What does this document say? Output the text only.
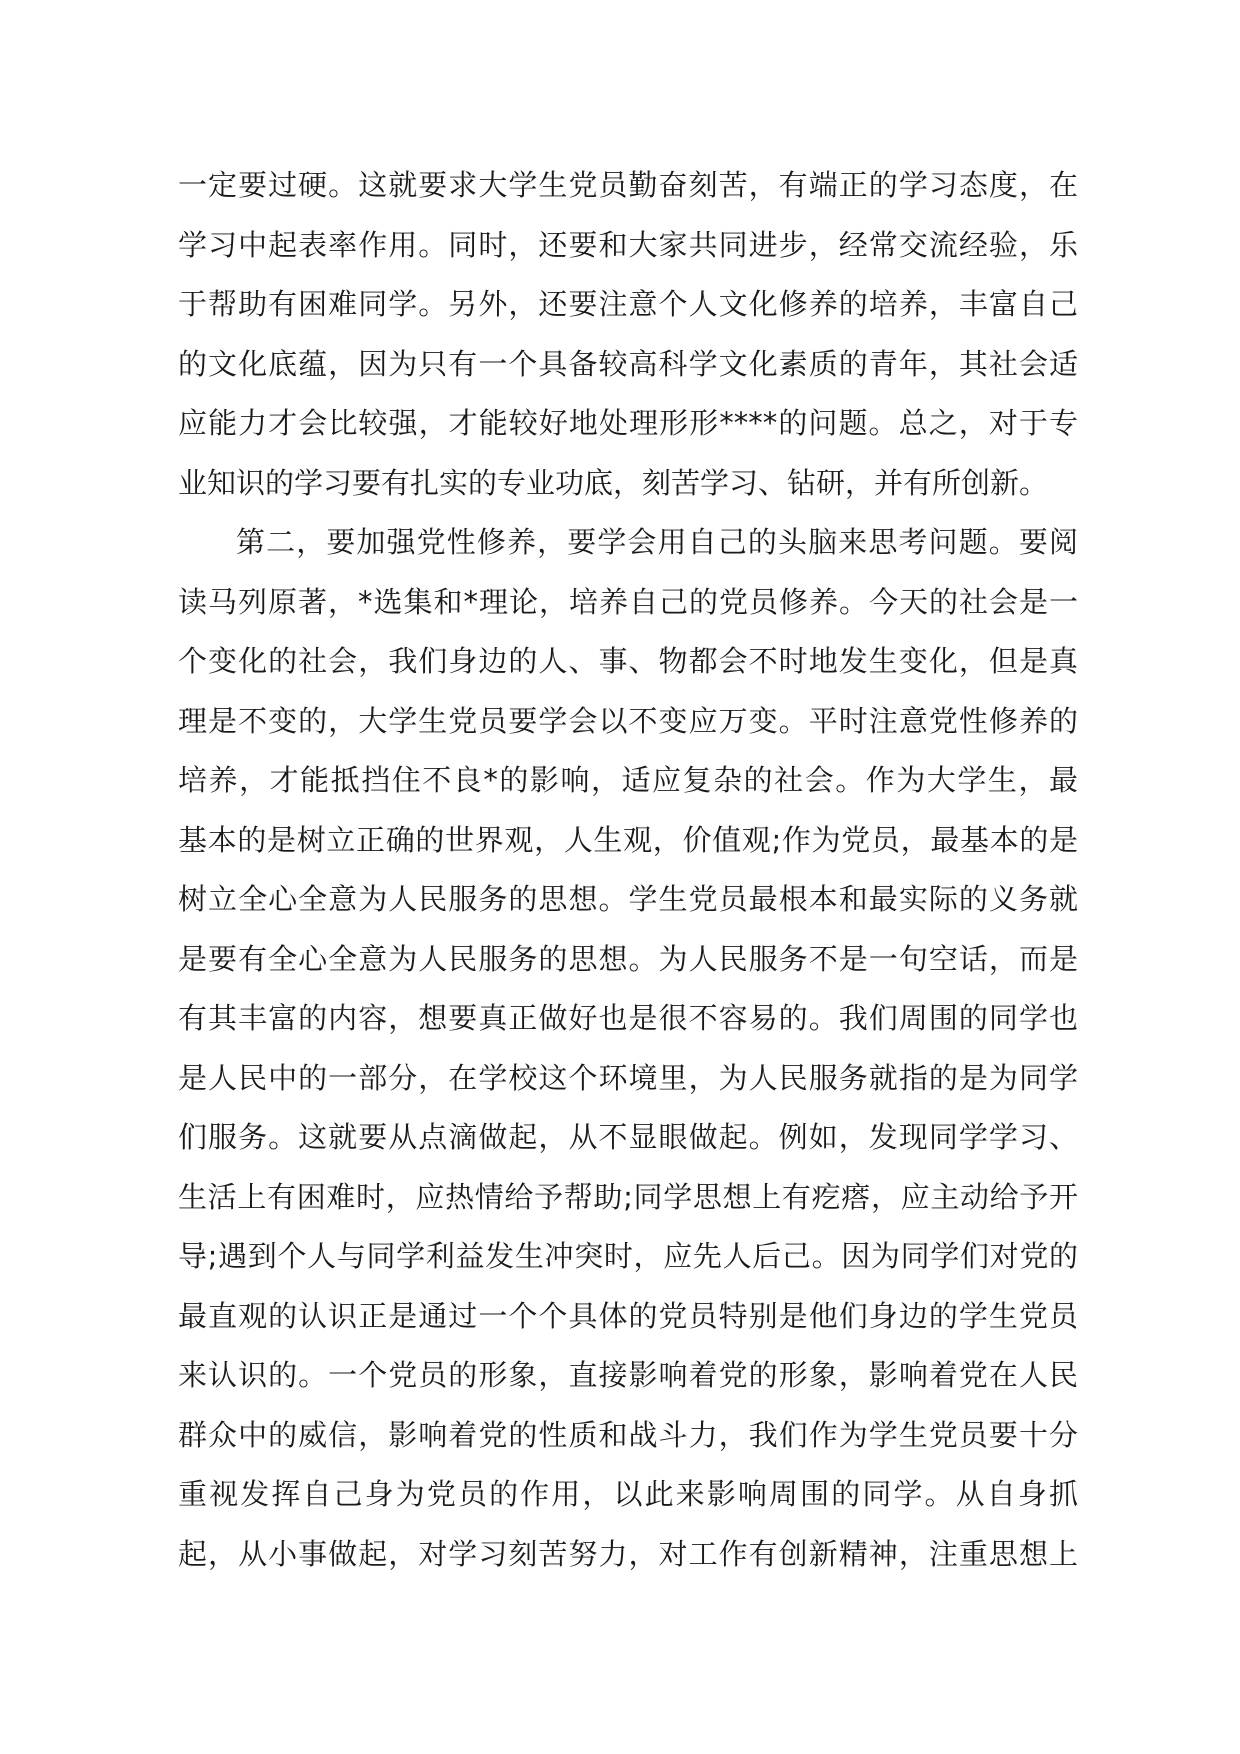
一定要过硬。这就要求大学生党员勤奋刻苦，有端正的学习态度，在
学习中起表率作用。同时，还要和大家共同进步，经常交流经验，乐
于帮助有困难同学。另外，还要注意个人文化修养的培养，丰富自己
的文化底蕴，因为只有一个具备较高科学文化素质的青年，其社会适
应能力才会比较强，才能较好地处理形形****的问题。总之，对于专
业知识的学习要有扎实的专业功底，刻苦学习、钻研，并有所创新。
第二，要加强党性修养，要学会用自己的头脑来思考问题。要阅
读马列原著，*选集和*理论，培养自己的党员修养。今天的社会是一
个变化的社会，我们身边的人、事、物都会不时地发生变化，但是真
理是不变的，大学生党员要学会以不变应万变。平时注意党性修养的
培养，才能抵挡住不良*的影响，适应复杂的社会。作为大学生，最
基本的是树立正确的世界观，人生观，价值观;作为党员，最基本的是
树立全心全意为人民服务的思想。学生党员最根本和最实际的义务就
是要有全心全意为人民服务的思想。为人民服务不是一句空话，而是
有其丰富的内容，想要真正做好也是很不容易的。我们周围的同学也
是人民中的一部分，在学校这个环境里，为人民服务就指的是为同学
们服务。这就要从点滴做起，从不显眼做起。例如，发现同学学习、
生活上有困难时，应热情给予帮助;同学思想上有疙瘩，应主动给予开
导;遇到个人与同学利益发生冲突时，应先人后己。因为同学们对党的
最直观的认识正是通过一个个具体的党员特别是他们身边的学生党员
来认识的。一个党员的形象，直接影响着党的形象，影响着党在人民
群众中的威信，影响着党的性质和战斗力，我们作为学生党员要十分
重视发挥自己身为党员的作用，以此来影响周围的同学。从自身抓
起，从小事做起，对学习刻苦努力，对工作有创新精神，注重思想上
